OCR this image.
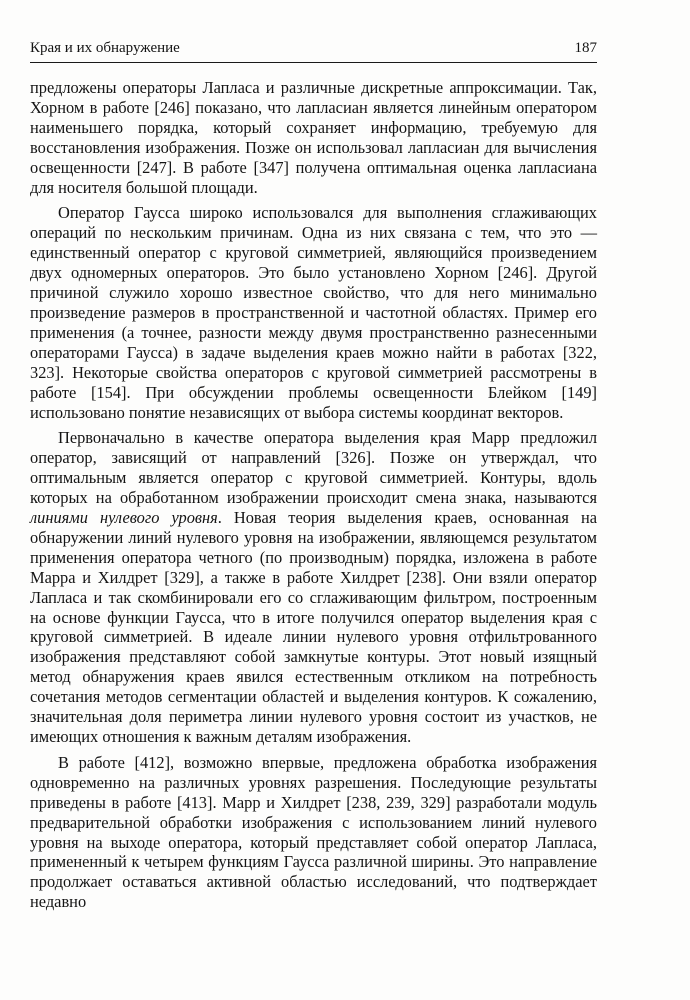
Края и их обнаружение	187

предложены операторы Лапласа и различные дискретные аппроксимации. Так, Хорном в работе [246] показано, что лапласиан является линейным оператором наименьшего порядка, который сохраняет информацию, требуемую для восстановления изображения. Позже он использовал лапласиан для вычисления освещенности [247]. В работе [347] получена оптимальная оценка лапласиана для носителя большой площади.

Оператор Гаусса широко использовался для выполнения сглаживающих операций по нескольким причинам. Одна из них связана с тем, что это — единственный оператор с круговой симметрией, являющийся произведением двух одномерных операторов. Это было установлено Хорном [246]. Другой причиной служило хорошо известное свойство, что для него минимально произведение размеров в пространственной и частотной областях. Пример его применения (а точнее, разности между двумя пространственно разнесенными операторами Гаусса) в задаче выделения краев можно найти в работах [322, 323]. Некоторые свойства операторов с круговой симметрией рассмотрены в работе [154]. При обсуждении проблемы освещенности Блейком [149] использовано понятие независящих от выбора системы координат векторов.

Первоначально в качестве оператора выделения края Марр предложил оператор, зависящий от направлений [326]. Позже он утверждал, что оптимальным является оператор с круговой симметрией. Контуры, вдоль которых на обработанном изображении происходит смена знака, называются линиями нулевого уровня. Новая теория выделения краев, основанная на обнаружении линий нулевого уровня на изображении, являющемся результатом применения оператора четного (по производным) порядка, изложена в работе Марра и Хилдрет [329], а также в работе Хилдрет [238]. Они взяли оператор Лапласа и так скомбинировали его со сглаживающим фильтром, построенным на основе функции Гаусса, что в итоге получился оператор выделения края с круговой симметрией. В идеале линии нулевого уровня отфильтрованного изображения представляют собой замкнутые контуры. Этот новый изящный метод обнаружения краев явился естественным откликом на потребность сочетания методов сегментации областей и выделения контуров. К сожалению, значительная доля периметра линии нулевого уровня состоит из участков, не имеющих отношения к важным деталям изображения.

В работе [412], возможно впервые, предложена обработка изображения одновременно на различных уровнях разрешения. Последующие результаты приведены в работе [413]. Марр и Хилдрет [238, 239, 329] разработали модуль предварительной обработки изображения с использованием линий нулевого уровня на выходе оператора, который представляет собой оператор Лапласа, примененный к четырем функциям Гаусса различной ширины. Это направление продолжает оставаться активной областью исследований, что подтверждает недавно
